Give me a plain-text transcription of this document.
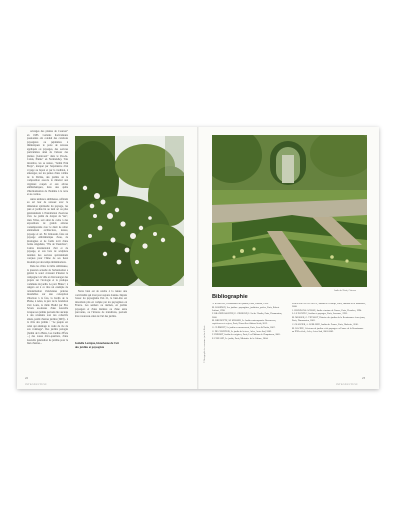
ouvrages des plantes de Courson" en 1983. Certains horticulteurs passionnés ont conduit des créations paysagères ou pépinières à thématiques: le porte de terrasse appliqués ou paysages, des oeuvres particulières ainsi de l'amour des plantes (Gérécourt" dans le Pas-de-Calais, Plume" en Normandie). Très inventive, les sa nature, "Jardin Erik Borja", marqué par l'expérience d'un voyage au Japon et par la tradition, à amenager, sur les pentes d'une colline de la Drôme, des jardins où la composition associe le minéral aux végétaux coupés et aux arbres emblématiques, dans une quête d'harmonisation de l'homme à la terre et au cosmos.

Autre tendance ambitieuse, reflétant au sol leur de renouer avec la dimension spirituelle du paysage, les jeux et jardins lié au land art ou plus généralement à l'installation d'oeuvres d'art. Le jardin du donjon de Vez", dans l'Oise, sert ainsi de cadre à des expositions de grands artistes contemporains avec le désir de relier entièrement architecture, nature, paysage et art. En Limousin, faire un paysage emblématique d'eau, de montagnes et de forêts écrit d'une forme singulière, "l'île de Vassivière", Centre international d'art et de paysage, et son bois de sculpture destinés des oeuvres spécialement conçues pour l'ânne de ses lieux modelés par des temps immémoriaux.

Dans les villes la tâche ambitieuse, la pression actuelle de l'urbanisation a généré le souci croissant d'insérer la campagne à la ville et d'encourager des projets sur l'écologie et la pratique commune du jardin. Le parc Blaise", à Angers est à ce titre un exemple de rationalisation d'anciennes prairies inondables sur une conception d'horizon à la fois, la Jardin de la Plaine, à Arles, le parc de la fondation d'art Louis, le mille Hadid par Ebo Sevets au-dessus d'une nouvelle lorsque ses jardins peuvent être anciens à des résidents tout des collectifs situés, parmi d'autres jardins (1993) - à la ville des jardins : "Le peuple est celui qui aménage le cadre de vie de son voisinage". Des jardins partagés (Jardin de la Butte, Les Jardins d'Éole ...) des zones d'éco-quartiers, d'une nouvelle génération de jardins pour le bien d'autres...

Notre bien est de rendre à la nature une convivialité qui n'est pas toujours donnée. Depuis l'essor du paysagisme Pan 21, le bien-être est désormais pris en compte par les paysagistes en France. Les sentiers ou réalisés, en jardins paysagers et d'une manière ou d'une autre parcourus, ou l'inverse de transitions, peuvent être à nouveau ornés de l'art des jardins.

Isabelle Levêque, historienne de l'art
des jardins et paysagiste
22
INTRODUCTION
Jardin de Ninfa, Cisterna
© Photographie de couverture: jardin de Ninfa
Bibliographie
A. BARIDON, Dictionnaire des jardins, Paris, Laffont, 1998.
M. BARIDON, Les jardins : paysagistes, jardiniers, poètes, Paris, Robert Laffont, 1998.
F. BRANNÉ-MARTIN, E. CIBOURD, L'Art de l'Jardin, Paris, Flammarion, 2006.
M. BRUNOTTE, M. MOSSER, Le Jardin contemporain. Renouveau, expériences et enjeux, Paris, Nouvelles éditions Scala, 2012.
G. CLÉMENT, Le jardin en mouvement, Paris, Sens & Tonka, 2007.
G. DE COURTOIS, Le jardin de la terre, Arles, Actes Sud, 2002.
F. DURBET, Jardin des origines, Paris, Les Éditions de l'Imprimeur, 2005.
E. PONAUD, Le jardin, Paris, Ministère de la Culture, 2004.
B.ROUSSEAU-CHASTEL, Jardins de l'Europe, Paris, éditions de la Martinière, 2008.
J. JOURDAN-LAFOSSE, Jardin et nature de France, Paris, Herscher, 1994.
L. LE DANTEC, Jardins et paysages, Paris, Larousse, 1996.
M. MOSSER, G. TEYSSOT, Histoire des jardins de la Renaissance à nos jours, Paris, Flammarion, 2002.
C. OLLIVIER, A. LEBLOND, Jardins de France, Paris, Hachette, 2010.
M. RACINE, Créateurs de jardins et de paysages en France de la Renaissance au XXIe siècle, Arles, Actes Sud, 2001-2002.
23
INTRODUCTION
